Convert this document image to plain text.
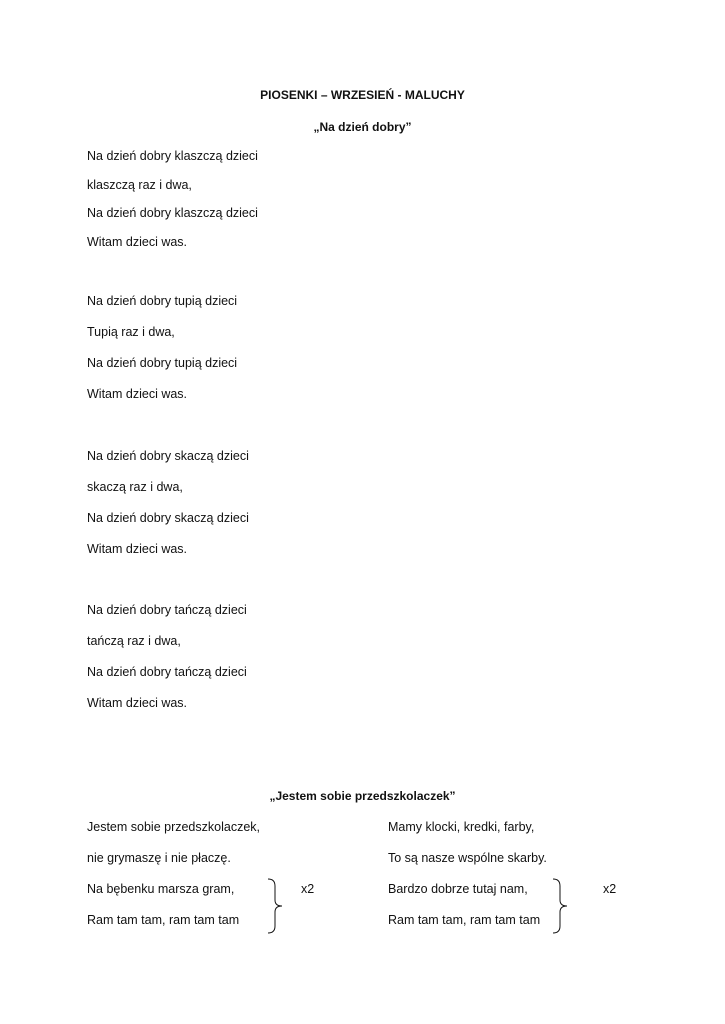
PIOSENKI – WRZESIEŃ - MALUCHY
„Na dzień dobry”
Na dzień dobry klaszczą dzieci
klaszczą raz i dwa,
Na dzień dobry klaszczą dzieci
Witam dzieci was.
Na dzień dobry tupią dzieci
Tupią raz i dwa,
Na dzień dobry tupią dzieci
Witam dzieci was.
Na dzień dobry skaczą dzieci
skaczą raz i dwa,
Na dzień dobry skaczą dzieci
Witam dzieci was.
Na dzień dobry tańczą dzieci
tańczą raz i dwa,
Na dzień dobry tańczą dzieci
Witam dzieci was.
„Jestem sobie przedszkolaczek”
Jestem sobie przedszkolaczek,
nie grymaszę i nie płaczę.
Na bębenku marsza gram,
Ram tam tam, ram tam tam
Mamy klocki, kredki, farby,
To są nasze wspólne skarby.
Bardzo dobrze tutaj nam,
Ram tam tam, ram tam tam
x2	x2
